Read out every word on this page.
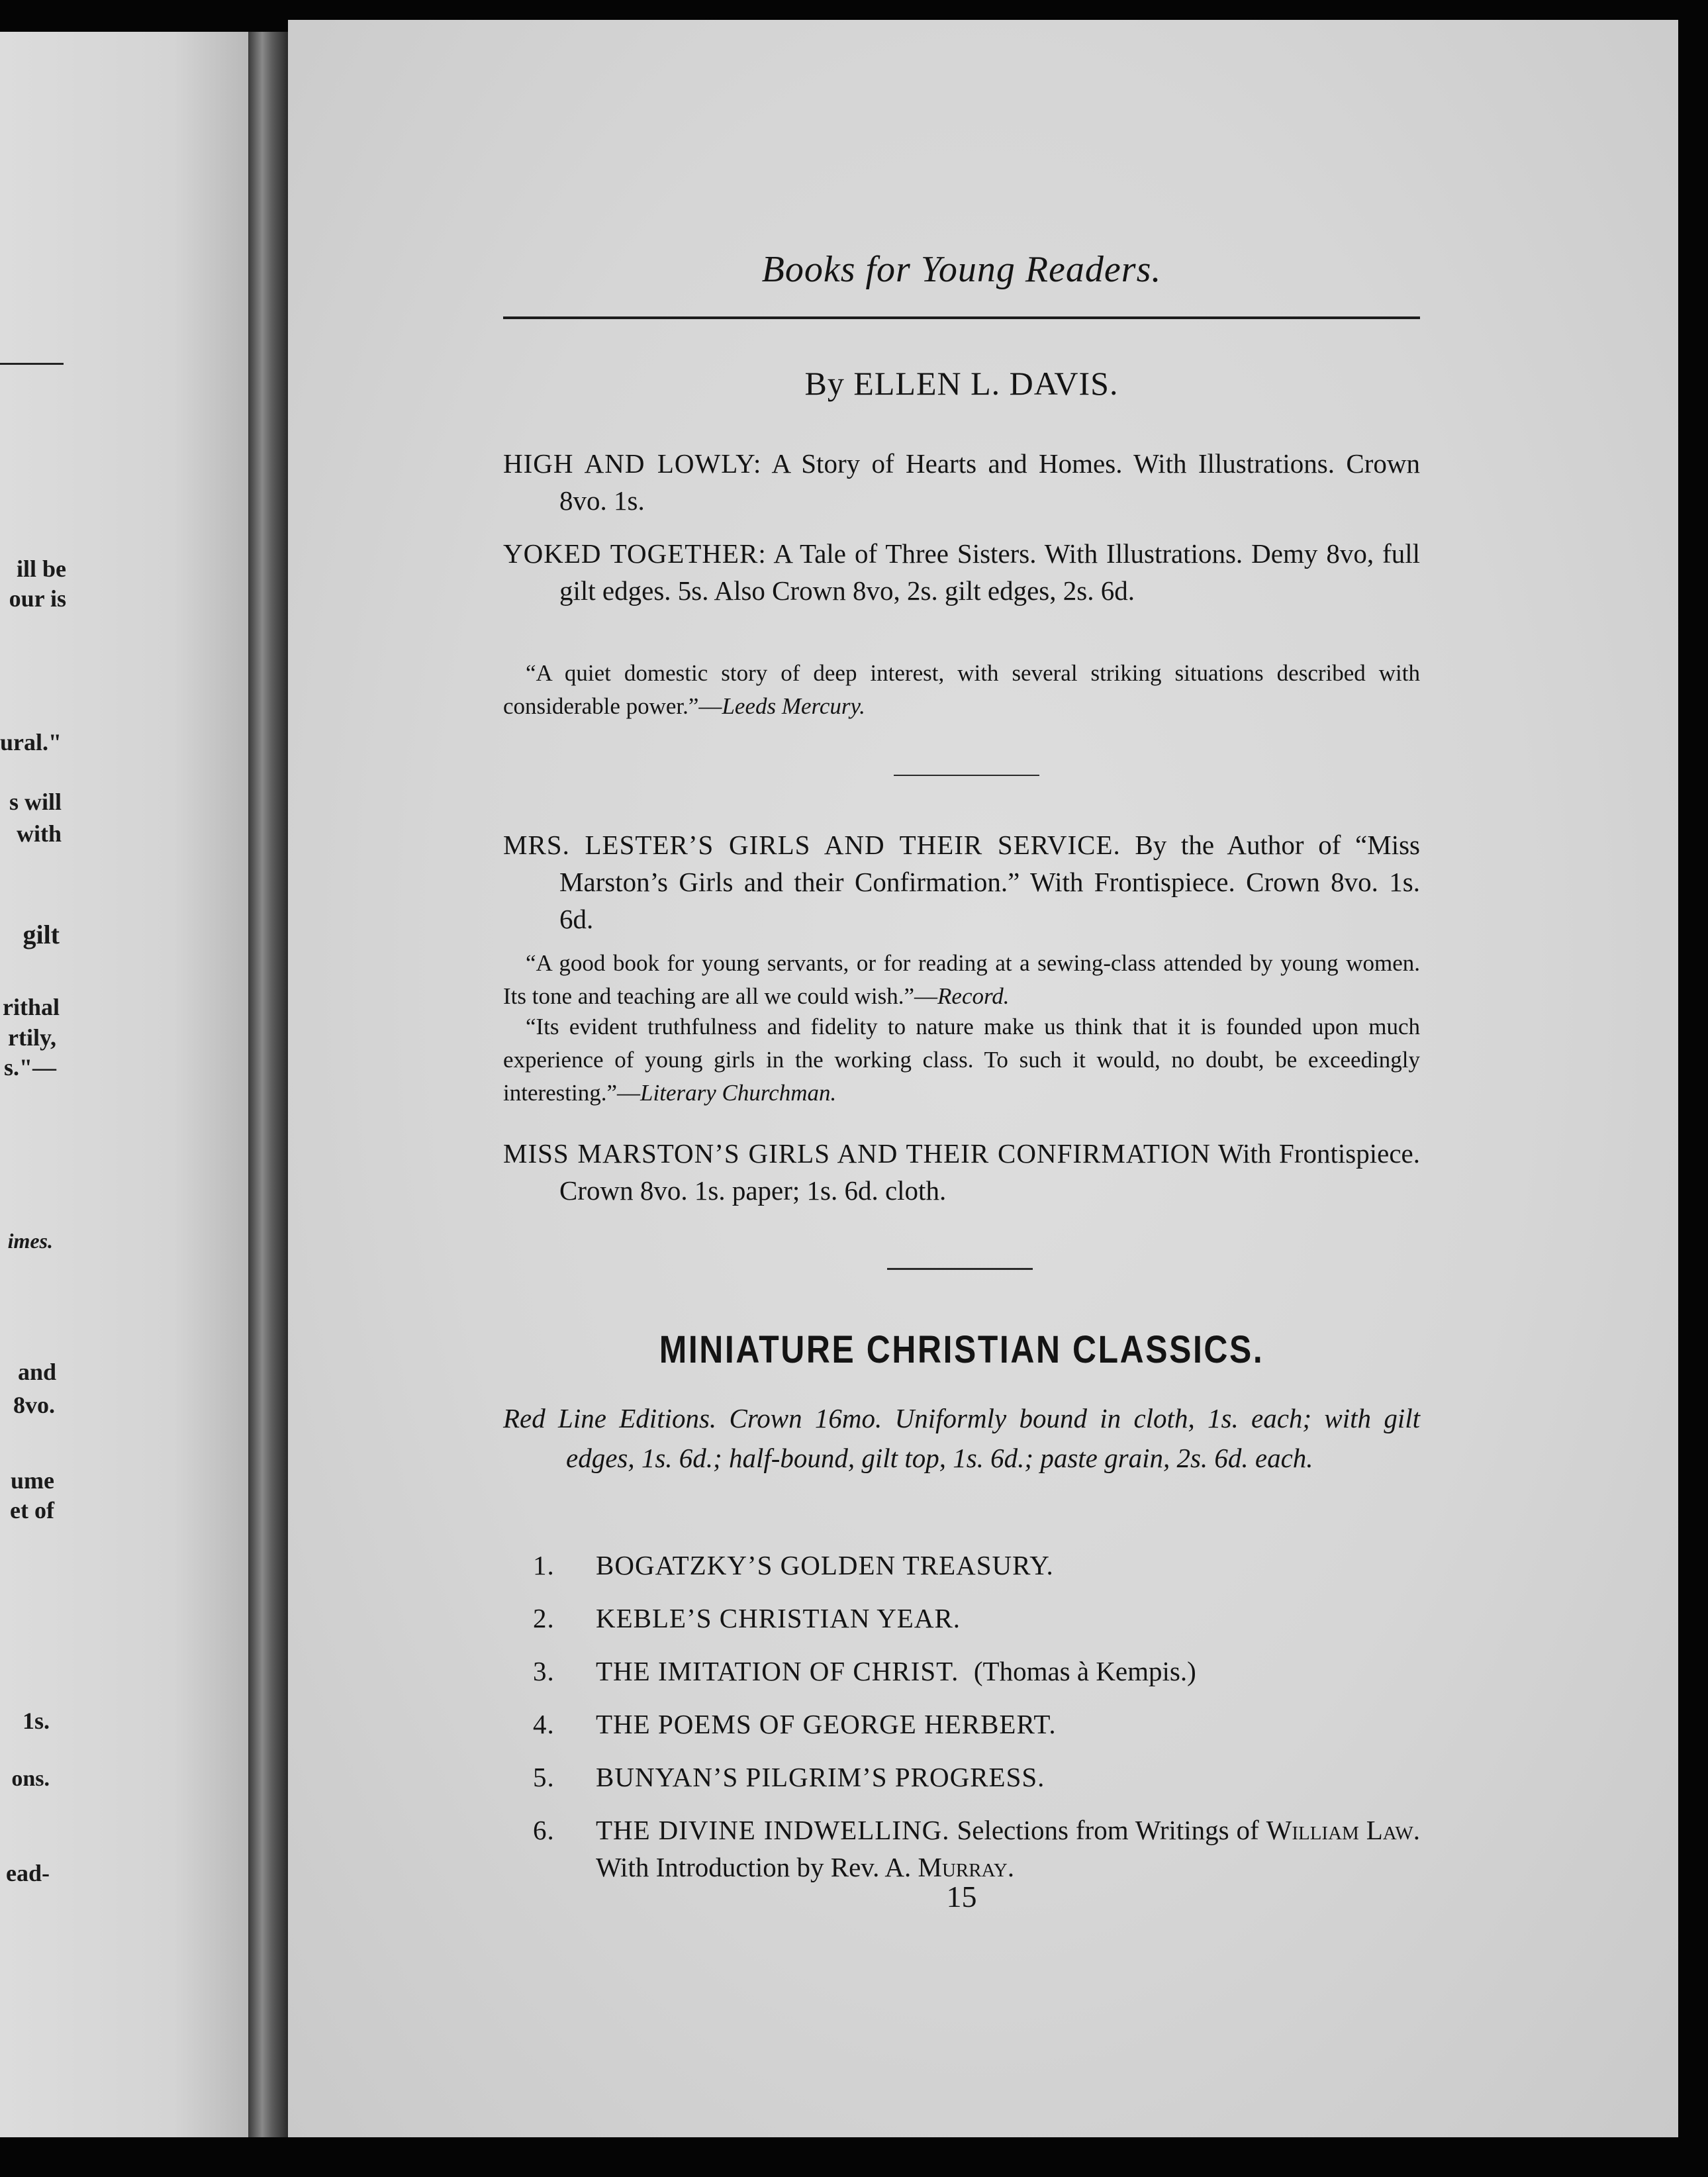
ill be
our is
ural."
s will
with
gilt
rithal
rtily,
s."—
imes.
and
8vo.
ume
et of
1s.
ons.
ead-
Books for Young Readers.
By ELLEN L. DAVIS.
HIGH AND LOWLY: A Story of Hearts and Homes. With Illustrations. Crown 8vo. 1s.
YOKED TOGETHER: A Tale of Three Sisters. With Illustrations. Demy 8vo, full gilt edges. 5s. Also Crown 8vo, 2s. gilt edges, 2s. 6d.
“A quiet domestic story of deep interest, with several striking situations described with considerable power.”—Leeds Mercury.
MRS. LESTER’S GIRLS AND THEIR SERVICE. By the Author of “Miss Marston’s Girls and their Confirmation.” With Frontispiece. Crown 8vo. 1s. 6d.
“A good book for young servants, or for reading at a sewing-class attended by young women. Its tone and teaching are all we could wish.”—Record.
“Its evident truthfulness and fidelity to nature make us think that it is founded upon much experience of young girls in the working class. To such it would, no doubt, be exceedingly interesting.”—Literary Churchman.
MISS MARSTON’S GIRLS AND THEIR CONFIRMATION With Frontispiece. Crown 8vo. 1s. paper; 1s. 6d. cloth.
MINIATURE CHRISTIAN CLASSICS.
Red Line Editions. Crown 16mo. Uniformly bound in cloth, 1s. each; with gilt edges, 1s. 6d.; half-bound, gilt top, 1s. 6d.; paste grain, 2s. 6d. each.
1. BOGATZKY’S GOLDEN TREASURY.
2. KEBLE’S CHRISTIAN YEAR.
3. THE IMITATION OF CHRIST. (Thomas à Kempis.)
4. THE POEMS OF GEORGE HERBERT.
5. BUNYAN’S PILGRIM’S PROGRESS.
6. THE DIVINE INDWELLING. Selections from Writings of William Law. With Introduction by Rev. A. Murray.
15
